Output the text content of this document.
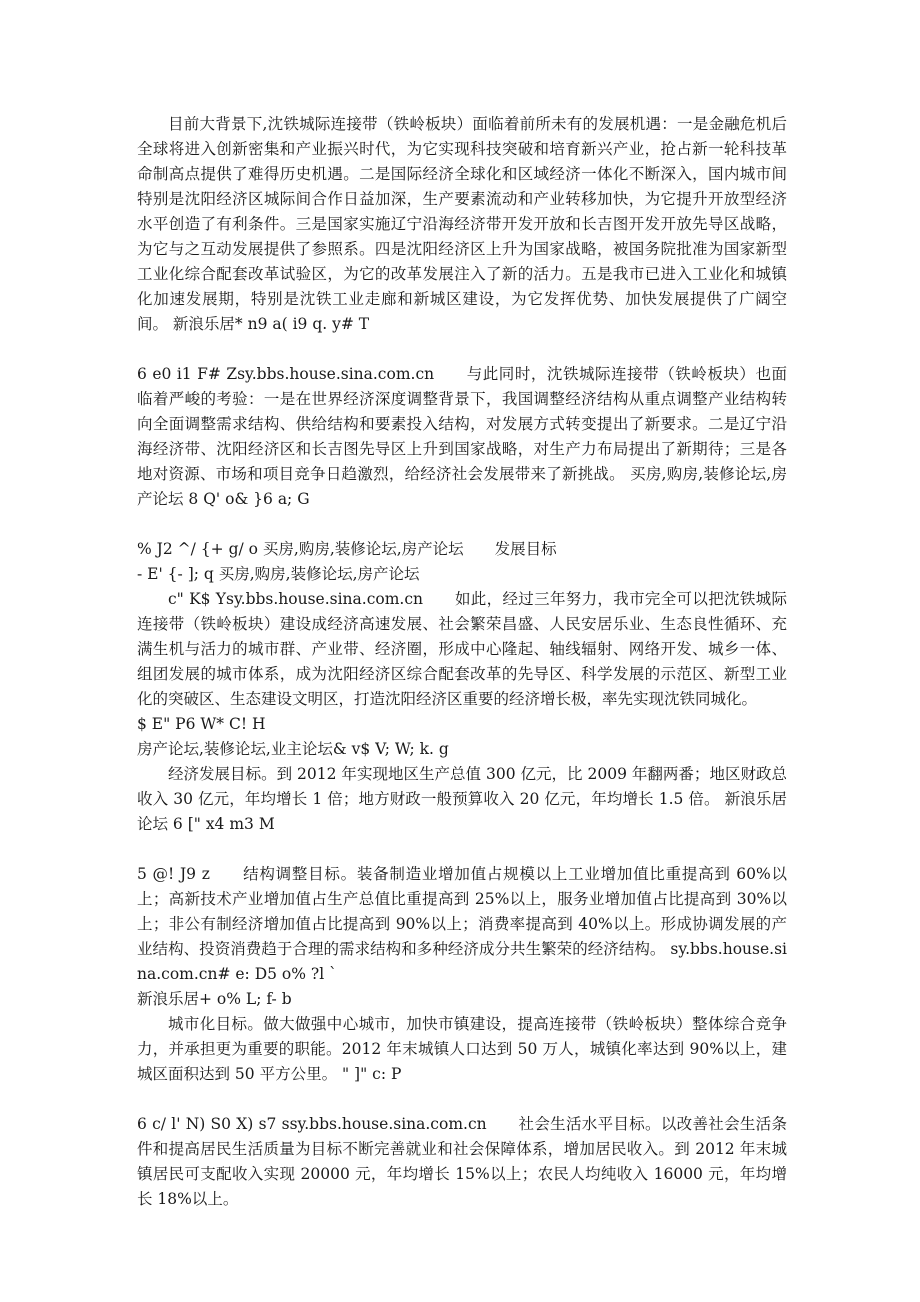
目前大背景下,沈铁城际连接带（铁岭板块）面临着前所未有的发展机遇：一是金融危机后全球将进入创新密集和产业振兴时代，为它实现科技突破和培育新兴产业，抢占新一轮科技革命制高点提供了难得历史机遇。二是国际经济全球化和区域经济一体化不断深入，国内城市间特别是沈阳经济区城际间合作日益加深，生产要素流动和产业转移加快，为它提升开放型经济水平创造了有利条件。三是国家实施辽宁沿海经济带开发开放和长吉图开发开放先导区战略，为它与之互动发展提供了参照系。四是沈阳经济区上升为国家战略，被国务院批准为国家新型工业化综合配套改革试验区，为它的改革发展注入了新的活力。五是我市已进入工业化和城镇化加速发展期，特别是沈铁工业走廊和新城区建设，为它发挥优势、加快发展提供了广阔空间。 新浪乐居* n9 a( i9 q. y# T

6 e0 i1 F# Zsy.bbs.house.sina.com.cn　　与此同时，沈铁城际连接带（铁岭板块）也面临着严峻的考验：一是在世界经济深度调整背景下，我国调整经济结构从重点调整产业结构转向全面调整需求结构、供给结构和要素投入结构，对发展方式转变提出了新要求。二是辽宁沿海经济带、沈阳经济区和长吉图先导区上升到国家战略，对生产力布局提出了新期待；三是各地对资源、市场和项目竞争日趋激烈，给经济社会发展带来了新挑战。 买房,购房,装修论坛,房产论坛 8 Q' o& }6 a; G

% J2 ^/ {+ g/ o 买房,购房,装修论坛,房产论坛　　发展目标

- E' {- ]; q 买房,购房,装修论坛,房产论坛

c" K$ Ysy.bbs.house.sina.com.cn　　如此，经过三年努力，我市完全可以把沈铁城际连接带（铁岭板块）建设成经济高速发展、社会繁荣昌盛、人民安居乐业、生态良性循环、充满生机与活力的城市群、产业带、经济圈，形成中心隆起、轴线辐射、网络开发、城乡一体、组团发展的城市体系，成为沈阳经济区综合配套改革的先导区、科学发展的示范区、新型工业化的突破区、生态建设文明区，打造沈阳经济区重要的经济增长极，率先实现沈铁同城化。

$ E" P6 W* C! H

房产论坛,装修论坛,业主论坛& v$ V; W; k. g

经济发展目标。到 2012 年实现地区生产总值 300 亿元，比 2009 年翻两番；地区财政总收入 30 亿元，年均增长 1 倍；地方财政一般预算收入 20 亿元，年均增长 1.5 倍。 新浪乐居论坛 6 [" x4 m3 M

5 @! J9 z　　结构调整目标。装备制造业增加值占规模以上工业增加值比重提高到 60%以上；高新技术产业增加值占生产总值比重提高到 25%以上，服务业增加值占比提高到 30%以上；非公有制经济增加值占比提高到 90%以上；消费率提高到 40%以上。形成协调发展的产业结构、投资消费趋于合理的需求结构和多种经济成分共生繁荣的经济结构。 sy.bbs.house.sina.com.cn# e: D5 o% ?l `

新浪乐居+ o% L; f- b

城市化目标。做大做强中心城市，加快市镇建设，提高连接带（铁岭板块）整体综合竞争力，并承担更为重要的职能。2012 年末城镇人口达到 50 万人，城镇化率达到 90%以上，建城区面积达到 50 平方公里。 " ]" c: P

6 c/ l' N) S0 X) s7 ssy.bbs.house.sina.com.cn　　社会生活水平目标。以改善社会生活条件和提高居民生活质量为目标不断完善就业和社会保障体系，增加居民收入。到 2012 年末城镇居民可支配收入实现 20000 元，年均增长 15%以上；农民人均纯收入 16000 元，年均增长 18%以上。
